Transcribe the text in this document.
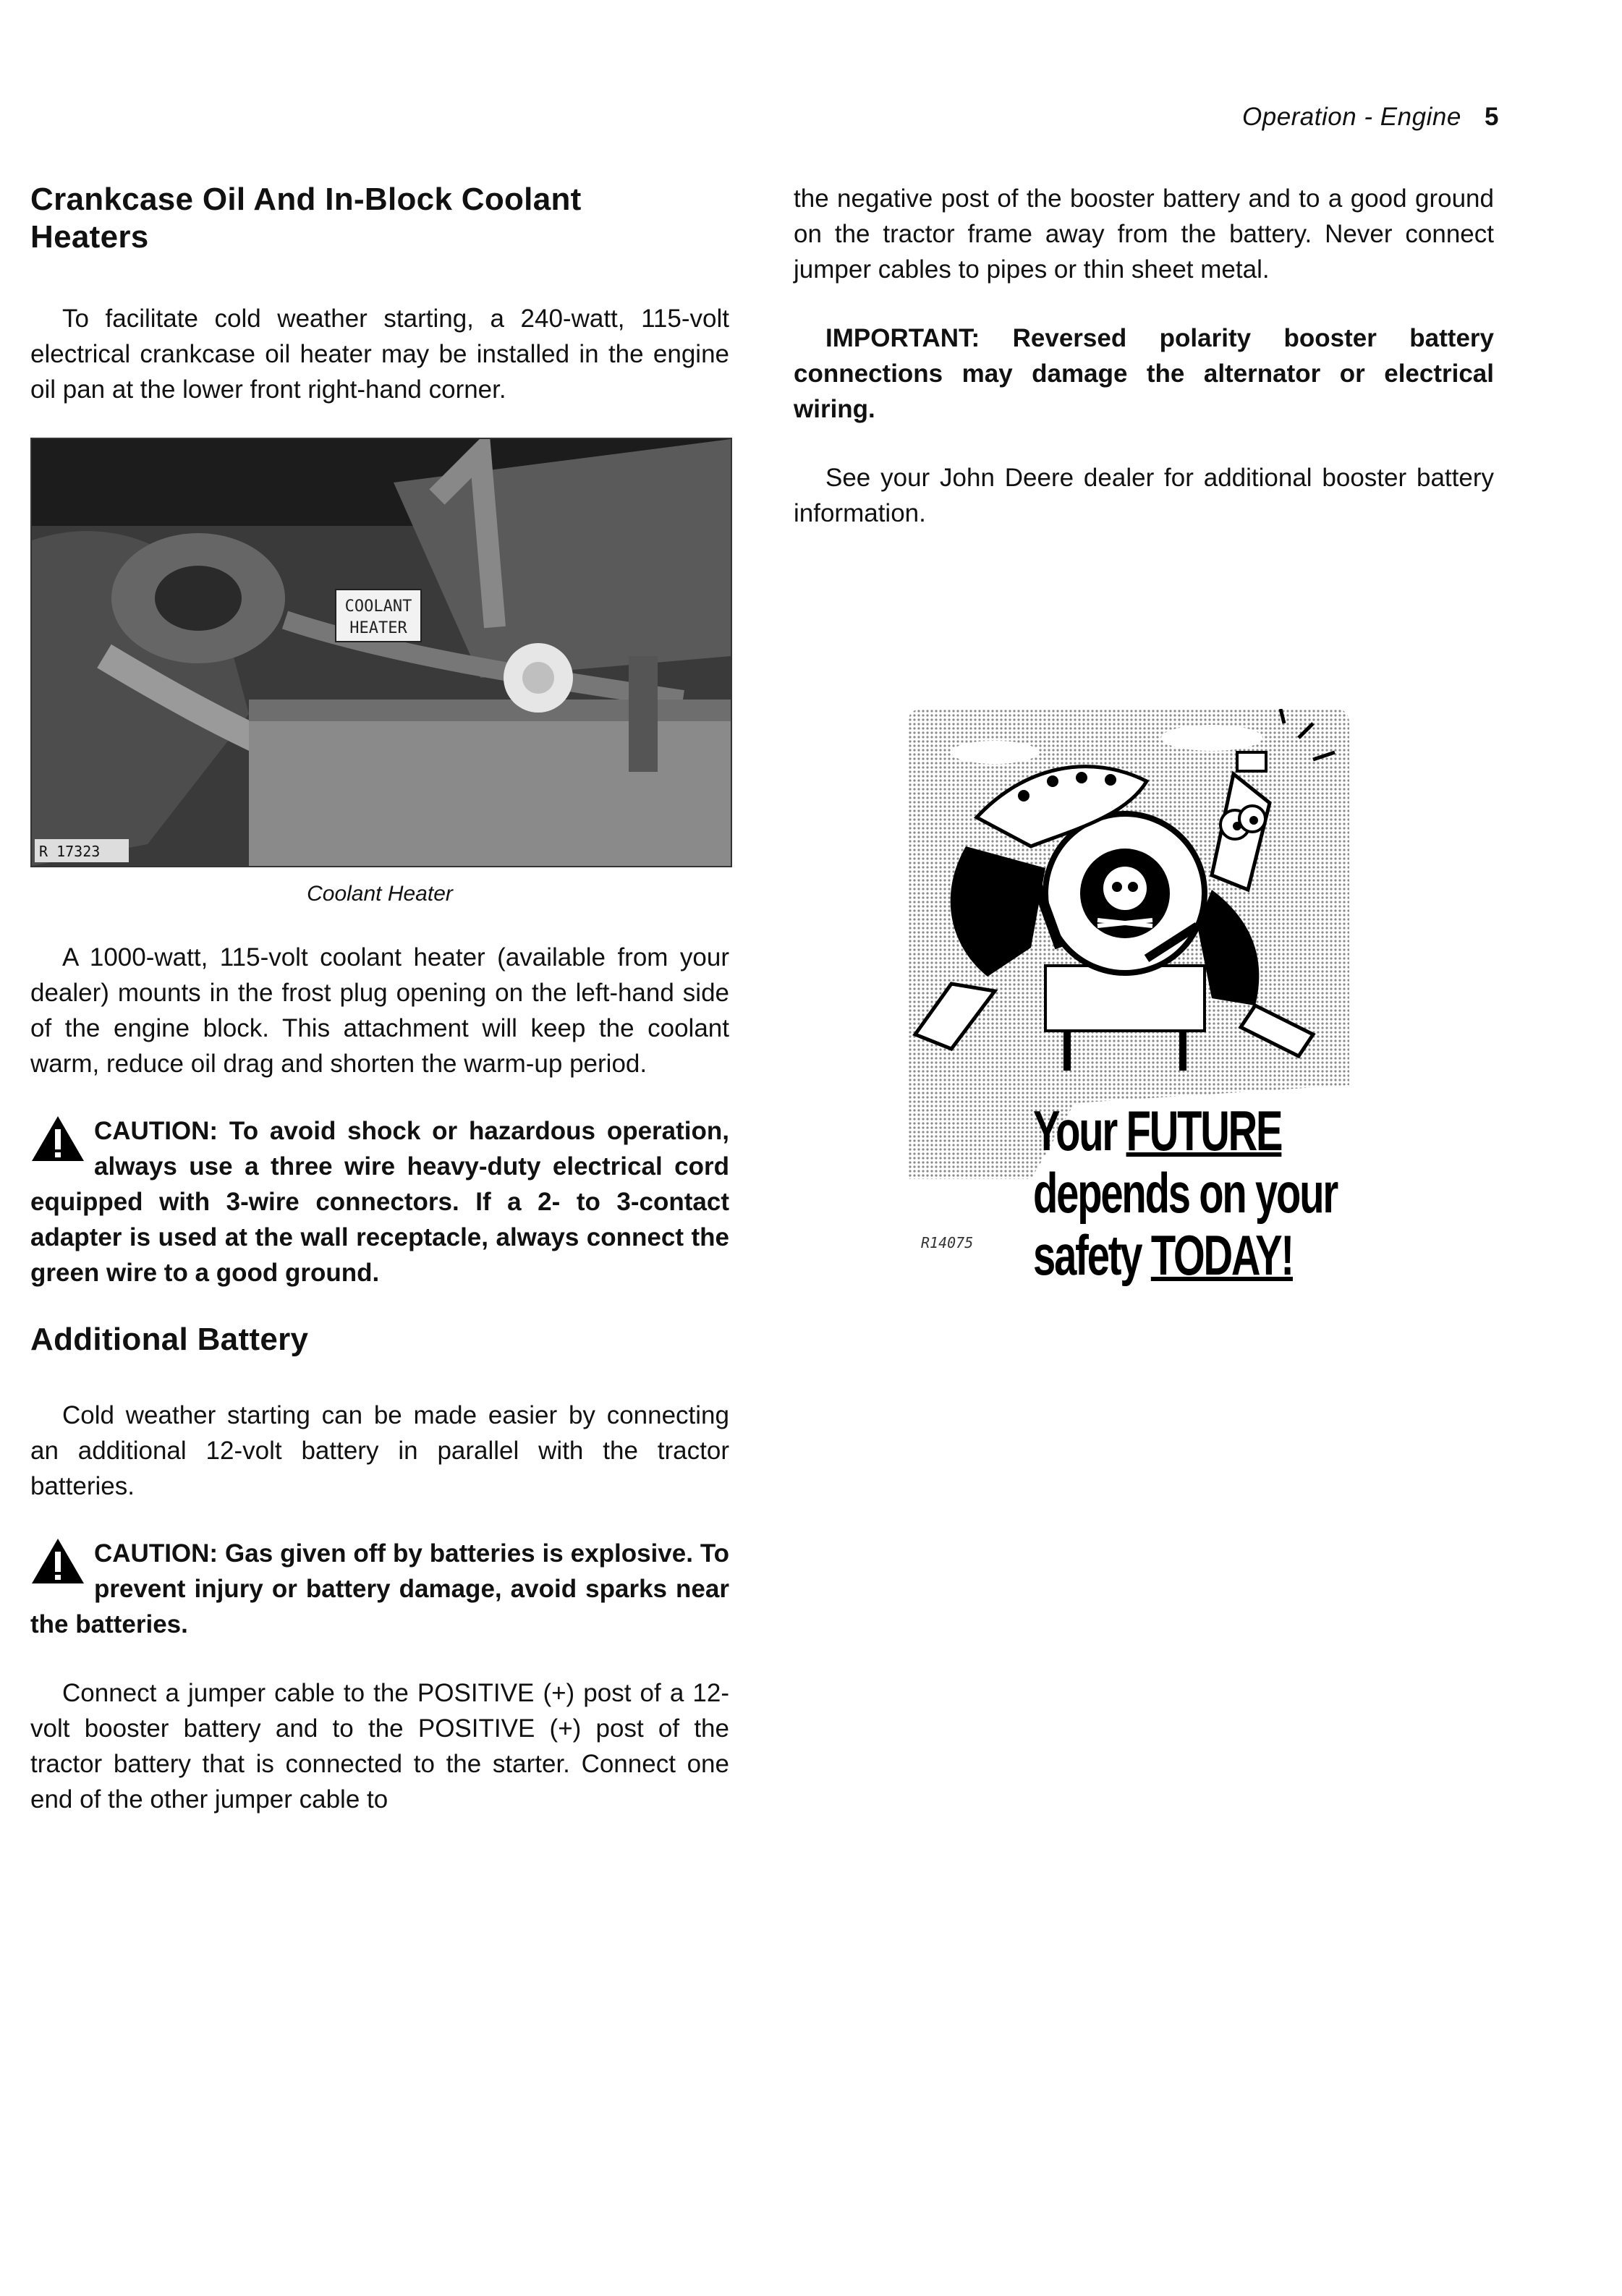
Operation - Engine 5
Crankcase Oil And In-Block Coolant Heaters

To facilitate cold weather starting, a 240-watt, 115-volt electrical crankcase oil heater may be installed in the engine oil pan at the lower front right-hand corner.

COOLANT
HEATER
R 17323
Coolant Heater

A 1000-watt, 115-volt coolant heater (available from your dealer) mounts in the frost plug opening on the left-hand side of the engine block. This attachment will keep the coolant warm, reduce oil drag and shorten the warm-up period.

CAUTION: To avoid shock or hazardous operation, always use a three wire heavy-duty electrical cord equipped with 3-wire connectors. If a 2- to 3-contact adapter is used at the wall receptacle, always connect the green wire to a good ground.

Additional Battery

Cold weather starting can be made easier by connecting an additional 12-volt battery in parallel with the tractor batteries.

CAUTION: Gas given off by batteries is explosive. To prevent injury or battery damage, avoid sparks near the batteries.

Connect a jumper cable to the POSITIVE (+) post of a 12-volt booster battery and to the POSITIVE (+) post of the tractor battery that is connected to the starter. Connect one end of the other jumper cable to

the negative post of the booster battery and to a good ground on the tractor frame away from the battery. Never connect jumper cables to pipes or thin sheet metal.

IMPORTANT: Reversed polarity booster battery connections may damage the alternator or electrical wiring.

See your John Deere dealer for additional booster battery information.

Your FUTURE
depends on your
safety TODAY!
R14075
